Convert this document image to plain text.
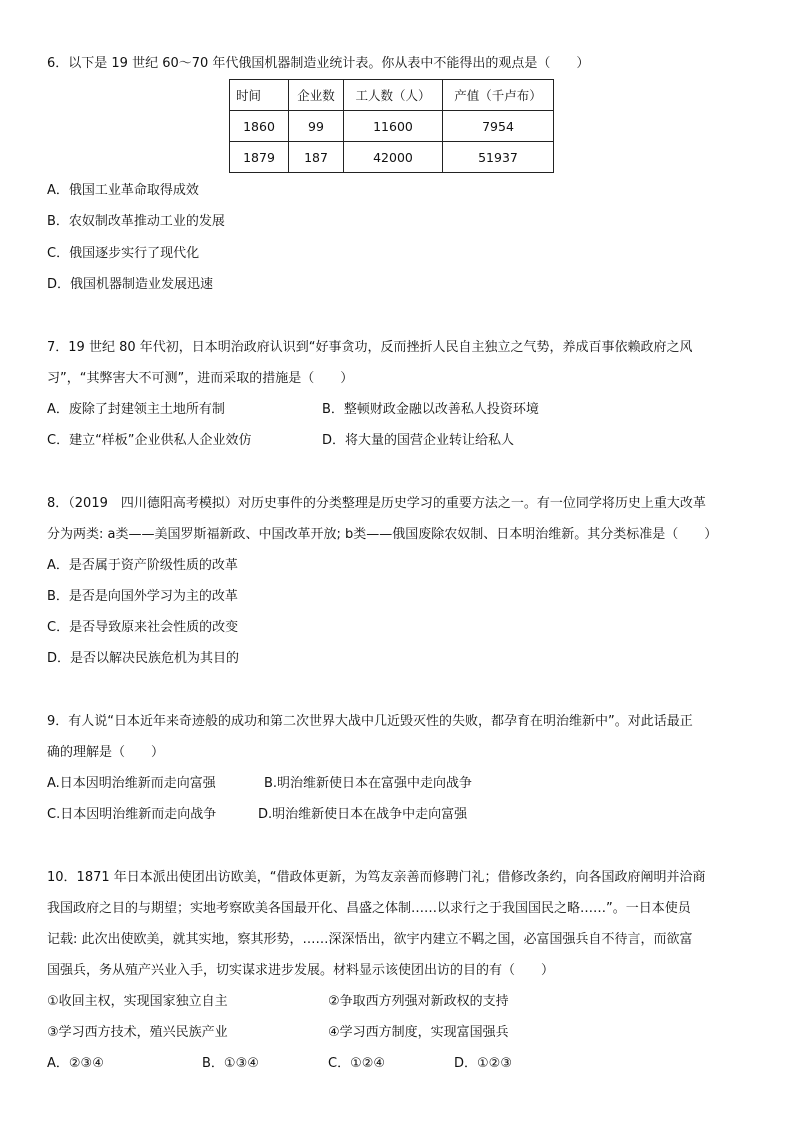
6．以下是 19 世纪 60～70 年代俄国机器制造业统计表。你从表中不能得出的观点是（　　）
时间	企业数	工人数（人）	产值（千卢布）
1860	99	11600	7954
1879	187	42000	51937
A．俄国工业革命取得成效
B．农奴制改革推动工业的发展
C．俄国逐步实行了现代化
D．俄国机器制造业发展迅速
7．19 世纪 80 年代初，日本明治政府认识到“好事贪功，反而挫折人民自主独立之气势，养成百事依赖政府之风
习”，“其弊害大不可测”，进而采取的措施是（　　）
A．废除了封建领主土地所有制	B．整顿财政金融以改善私人投资环境
C．建立“样板”企业供私人企业效仿	D．将大量的国营企业转让给私人
8．（2019　四川德阳高考模拟）对历史事件的分类整理是历史学习的重要方法之一。有一位同学将历史上重大改革
分为两类: a类——美国罗斯福新政、中国改革开放; b类——俄国废除农奴制、日本明治维新。其分类标准是（　　）
A．是否属于资产阶级性质的改革
B．是否是向国外学习为主的改革
C．是否导致原来社会性质的改变
D．是否以解决民族危机为其目的
9．有人说“日本近年来奇迹般的成功和第二次世界大战中几近毁灭性的失败，都孕育在明治维新中”。对此话最正
确的理解是（　　）
A.日本因明治维新而走向富强	B.明治维新使日本在富强中走向战争
C.日本因明治维新而走向战争	D.明治维新使日本在战争中走向富强
10．1871 年日本派出使团出访欧美，“借政体更新，为笃友亲善而修聘门礼；借修改条约，向各国政府阐明并洽商
我国政府之目的与期望；实地考察欧美各国最开化、昌盛之体制……以求行之于我国国民之略……”。一日本使员
记载: 此次出使欧美，就其实地，察其形势，……深深悟出，欲宇内建立不羁之国，必富国强兵自不待言，而欲富
国强兵，务从殖产兴业入手，切实谋求进步发展。材料显示该使团出访的目的有（　　）
①收回主权，实现国家独立自主	②争取西方列强对新政权的支持
③学习西方技术，殖兴民族产业	④学习西方制度，实现富国强兵
A．②③④	B．①③④	C．①②④	D．①②③
